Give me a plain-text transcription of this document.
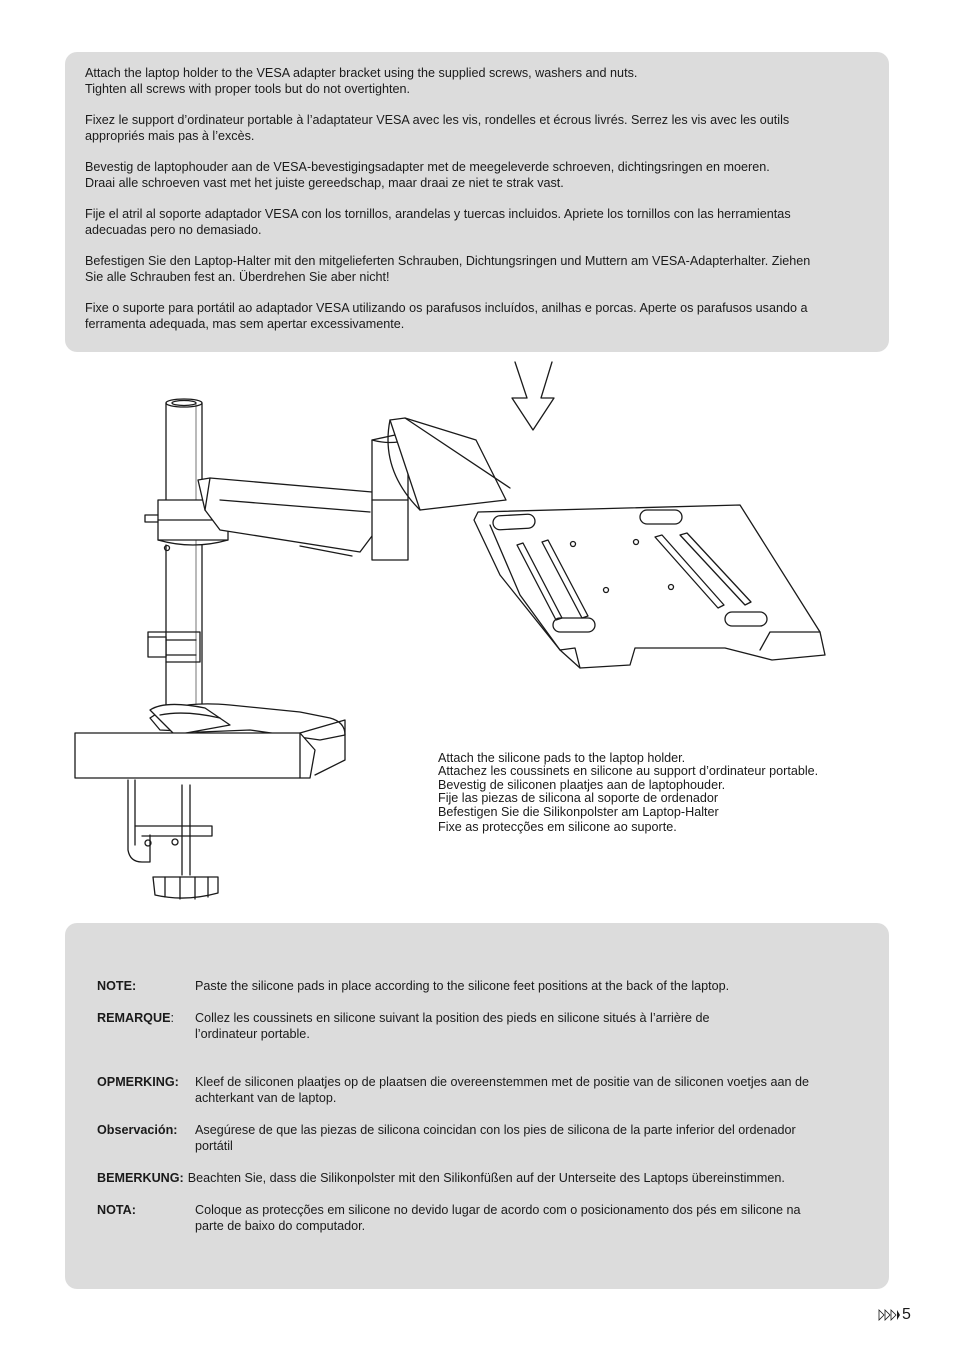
Attach the laptop holder to the VESA adapter bracket using the supplied screws, washers and nuts.
Tighten all screws with proper tools but do not overtighten.

Fixez le support d’ordinateur portable à l’adaptateur VESA avec les vis, rondelles et écrous livrés. Serrez les vis avec les outils
appropriés mais pas à l’excès.

Bevestig de laptophouder aan de VESA-bevestigingsadapter met de meegeleverde schroeven, dichtingsringen en moeren.
Draai alle schroeven vast met het juiste gereedschap, maar draai ze niet te strak vast.

Fije el atril al soporte adaptador VESA con los tornillos, arandelas y tuercas incluidos. Apriete los tornillos con las herramientas
adecuadas pero no demasiado.

Befestigen Sie den Laptop-Halter mit den mitgelieferten Schrauben, Dichtungsringen und Muttern am VESA-Adapterhalter. Ziehen
Sie alle Schrauben fest an. Überdrehen Sie aber nicht!

Fixe o suporte para portátil ao adaptador VESA utilizando os parafusos incluídos, anilhas e porcas. Aperte os parafusos usando a
ferramenta adequada, mas sem apertar excessivamente.

Attach the silicone pads to the laptop holder.
Attachez les coussinets en silicone au support d’ordinateur portable.
Bevestig de siliconen plaatjes aan de laptophouder.
Fije las piezas de silicona al soporte de ordenador
Befestigen Sie die Silikonpolster am Laptop-Halter
Fixe as protecções em silicone ao suporte.
NOTE:	Paste the silicone pads in place according to the silicone feet positions at the back of the laptop.
REMARQUE:	Collez les coussinets en silicone suivant la position des pieds en silicone situés à l’arrière de
l’ordinateur portable.
OPMERKING:	Kleef de siliconen plaatjes op de plaatsen die overeenstemmen met de positie van de siliconen voetjes aan de
achterkant van de laptop.
Observación:	Asegúrese de que las piezas de silicona coincidan con los pies de silicona de la parte inferior del ordenador
portátil
BEMERKUNG: Beachten Sie, dass die Silikonpolster mit den Silikonfüßen auf der Unterseite des Laptops übereinstimmen.
NOTA:	Coloque as protecções em silicone no devido lugar de acordo com o posicionamento dos pés em silicone na
parte de baixo do computador.
5
